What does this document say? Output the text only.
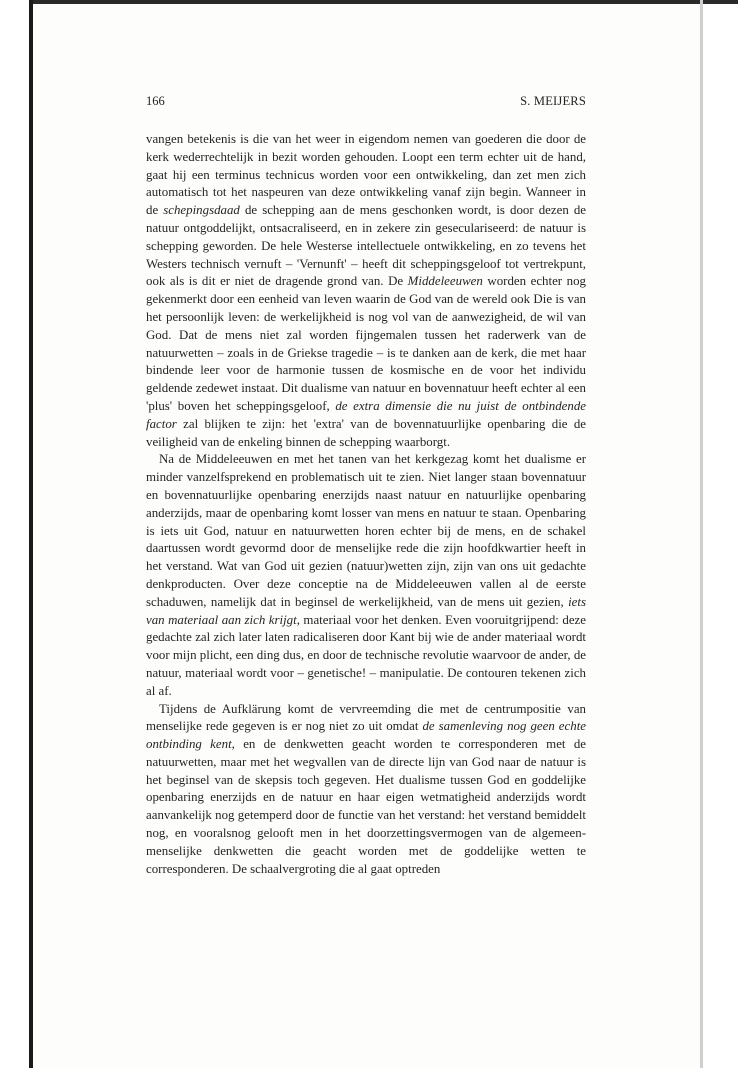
166	S. MEIJERS

vangen betekenis is die van het weer in eigendom nemen van goederen die door de kerk wederrechtelijk in bezit worden gehouden. Loopt een term echter uit de hand, gaat hij een terminus technicus worden voor een ontwikkeling, dan zet men zich automatisch tot het naspeuren van deze ontwikkeling vanaf zijn begin. Wanneer in de schepingsdaad de schepping aan de mens geschonken wordt, is door dezen de natuur ontgoddelijkt, ontsacraliseerd, en in zekere zin geseculariseerd: de natuur is schepping geworden. De hele Westerse intellectuele ontwikkeling, en zo tevens het Westers technisch vernuft – 'Vernunft' – heeft dit scheppingsgeloof tot vertrekpunt, ook als is dit er niet de dragende grond van. De Middeleeuwen worden echter nog gekenmerkt door een eenheid van leven waarin de God van de wereld ook Die is van het persoonlijk leven: de werkelijkheid is nog vol van de aanwezigheid, de wil van God. Dat de mens niet zal worden fijngemalen tussen het raderwerk van de natuurwetten – zoals in de Griekse tragedie – is te danken aan de kerk, die met haar bindende leer voor de harmonie tussen de kosmische en de voor het individu geldende zedewet instaat. Dit dualisme van natuur en bovennatuur heeft echter al een 'plus' boven het scheppingsgeloof, de extra dimensie die nu juist de ontbindende factor zal blijken te zijn: het 'extra' van de bovennatuurlijke openbaring die de veiligheid van de enkeling binnen de schepping waarborgt.

Na de Middeleeuwen en met het tanen van het kerkgezag komt het dualisme er minder vanzelfsprekend en problematisch uit te zien. Niet langer staan bovennatuur en bovennatuurlijke openbaring enerzijds naast natuur en natuurlijke openbaring anderzijds, maar de openbaring komt losser van mens en natuur te staan. Openbaring is iets uit God, natuur en natuurwetten horen echter bij de mens, en de schakel daartussen wordt gevormd door de menselijke rede die zijn hoofdkwartier heeft in het verstand. Wat van God uit gezien (natuur)wetten zijn, zijn van ons uit gedachte denkproducten. Over deze conceptie na de Middeleeuwen vallen al de eerste schaduwen, namelijk dat in beginsel de werkelijkheid, van de mens uit gezien, iets van materiaal aan zich krijgt, materiaal voor het denken. Even vooruitgrijpend: deze gedachte zal zich later laten radicaliseren door Kant bij wie de ander materiaal wordt voor mijn plicht, een ding dus, en door de technische revolutie waarvoor de ander, de natuur, materiaal wordt voor – genetische! – manipulatie. De contouren tekenen zich al af.

Tijdens de Aufklärung komt de vervreemding die met de centrumpositie van menselijke rede gegeven is er nog niet zo uit omdat de samenleving nog geen echte ontbinding kent, en de denkwetten geacht worden te corresponderen met de natuurwetten, maar met het wegvallen van de directe lijn van God naar de natuur is het beginsel van de skepsis toch gegeven. Het dualisme tussen God en goddelijke openbaring enerzijds en de natuur en haar eigen wetmatigheid anderzijds wordt aanvankelijk nog getemperd door de functie van het verstand: het verstand bemiddelt nog, en vooralsnog gelooft men in het doorzettingsvermogen van de algemeen-menselijke denkwetten die geacht worden met de goddelijke wetten te corresponderen. De schaalvergroting die al gaat optreden
